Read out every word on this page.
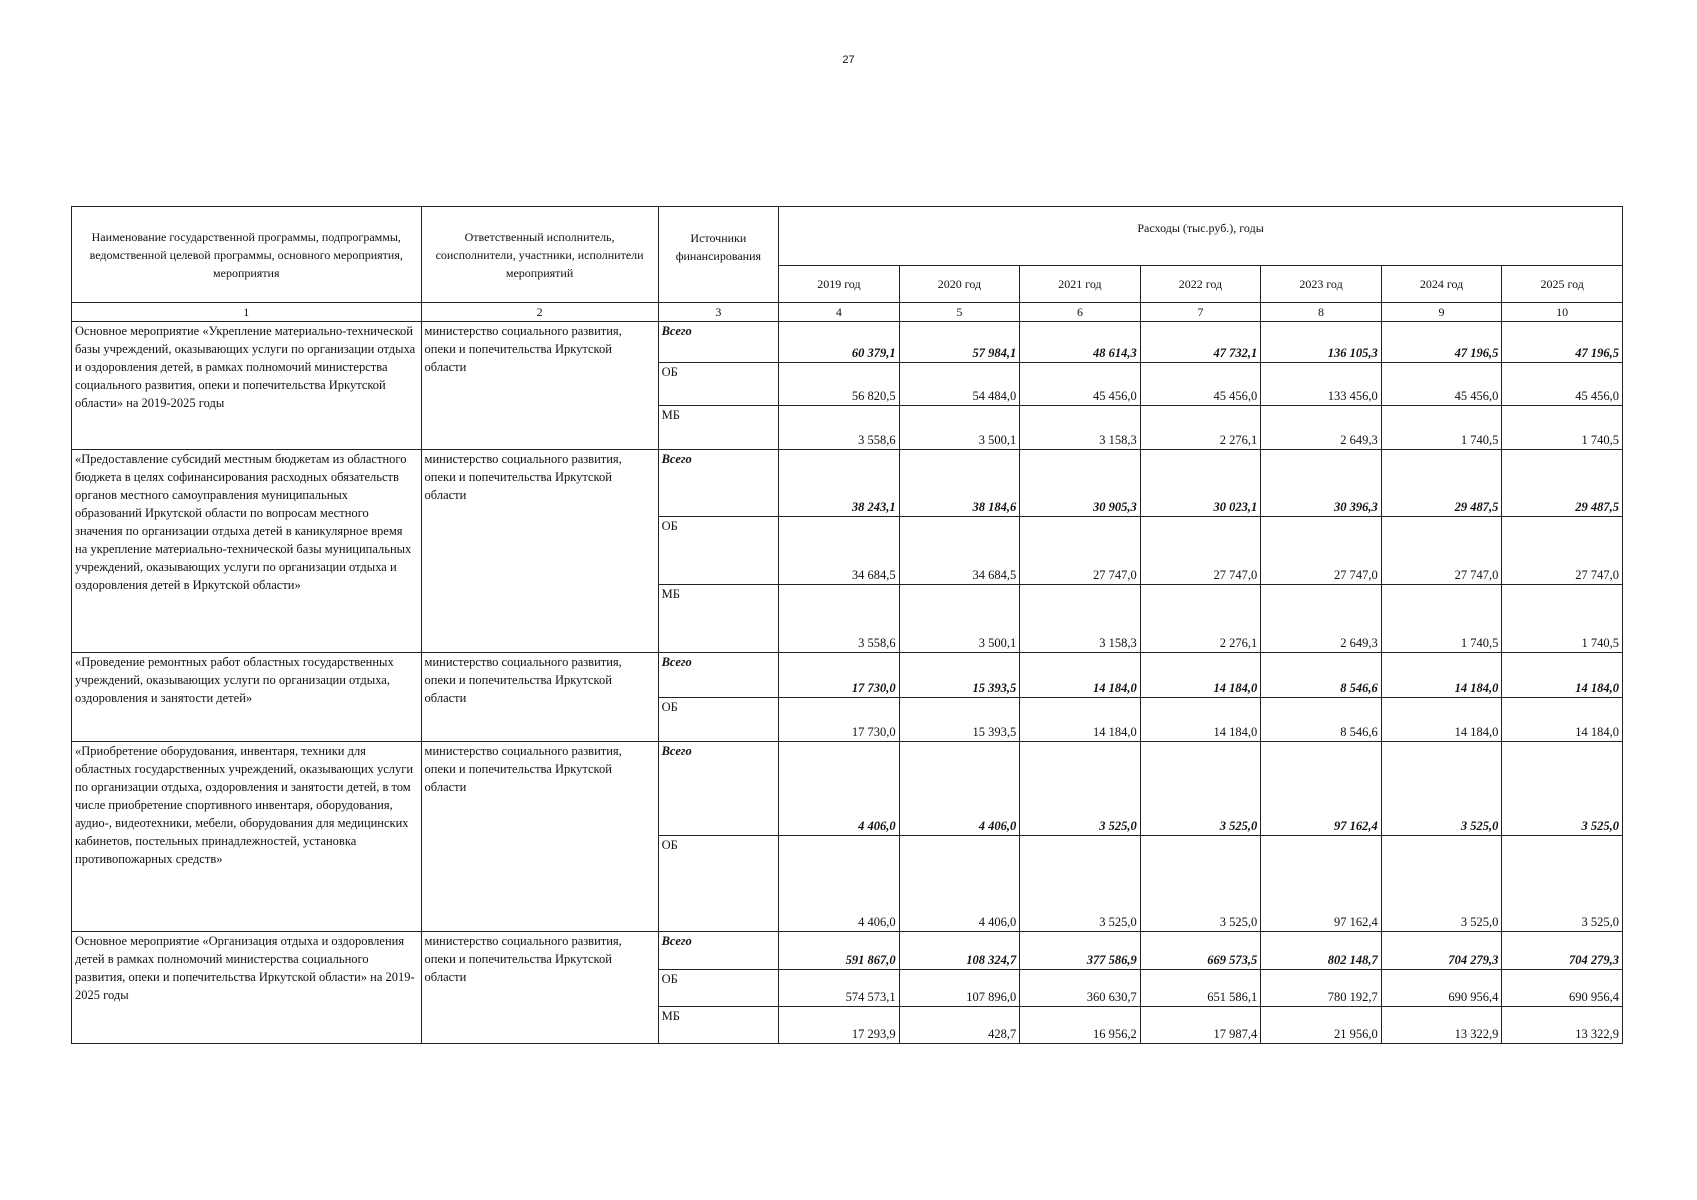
27
Наименование государственной программы, подпрограммы, ведомственной целевой программы, основного мероприятия, мероприятия	Ответственный исполнитель, соисполнители, участники, исполнители мероприятий	Источники финансирования	Расходы (тыс.руб.), годы						
			2019 год	2020 год	2021 год	2022 год	2023 год	2024 год	2025 год
1	2	3	4	5	6	7	8	9	10
Основное мероприятие «Укрепление материально-технической базы учреждений, оказывающих услуги по организации отдыха и оздоровления детей, в рамках полномочий министерства социального развития, опеки и попечительства Иркутской области» на 2019-2025 годы	министерство социального развития, опеки и попечительства Иркутской области	Всего	60 379,1	57 984,1	48 614,3	47 732,1	136 105,3	47 196,5	47 196,5
		ОБ	56 820,5	54 484,0	45 456,0	45 456,0	133 456,0	45 456,0	45 456,0
		МБ	3 558,6	3 500,1	3 158,3	2 276,1	2 649,3	1 740,5	1 740,5
«Предоставление субсидий местным бюджетам из областного бюджета в целях софинансирования расходных обязательств органов местного самоуправления муниципальных образований Иркутской области по вопросам местного значения по организации отдыха детей в каникулярное время на укрепление материально-технической базы муниципальных учреждений, оказывающих услуги по организации отдыха и оздоровления детей в Иркутской области»	министерство социального развития, опеки и попечительства Иркутской области	Всего	38 243,1	38 184,6	30 905,3	30 023,1	30 396,3	29 487,5	29 487,5
		ОБ	34 684,5	34 684,5	27 747,0	27 747,0	27 747,0	27 747,0	27 747,0
		МБ	3 558,6	3 500,1	3 158,3	2 276,1	2 649,3	1 740,5	1 740,5
«Проведение ремонтных работ областных государственных учреждений, оказывающих услуги по организации отдыха, оздоровления и занятости детей»	министерство социального развития, опеки и попечительства Иркутской области	Всего	17 730,0	15 393,5	14 184,0	14 184,0	8 546,6	14 184,0	14 184,0
		ОБ	17 730,0	15 393,5	14 184,0	14 184,0	8 546,6	14 184,0	14 184,0
«Приобретение оборудования, инвентаря, техники для областных государственных учреждений, оказывающих услуги по организации отдыха, оздоровления и занятости детей, в том числе приобретение спортивного инвентаря, оборудования, аудио-, видеотехники, мебели, оборудования для медицинских кабинетов, постельных принадлежностей, установка противопожарных средств»	министерство социального развития, опеки и попечительства Иркутской области	Всего	4 406,0	4 406,0	3 525,0	3 525,0	97 162,4	3 525,0	3 525,0
		ОБ	4 406,0	4 406,0	3 525,0	3 525,0	97 162,4	3 525,0	3 525,0
Основное мероприятие «Организация отдыха и оздоровления детей в рамках полномочий министерства социального развития, опеки и попечительства Иркутской области» на 2019-2025 годы	министерство социального развития, опеки и попечительства Иркутской области	Всего	591 867,0	108 324,7	377 586,9	669 573,5	802 148,7	704 279,3	704 279,3
		ОБ	574 573,1	107 896,0	360 630,7	651 586,1	780 192,7	690 956,4	690 956,4
		МБ	17 293,9	428,7	16 956,2	17 987,4	21 956,0	13 322,9	13 322,9
